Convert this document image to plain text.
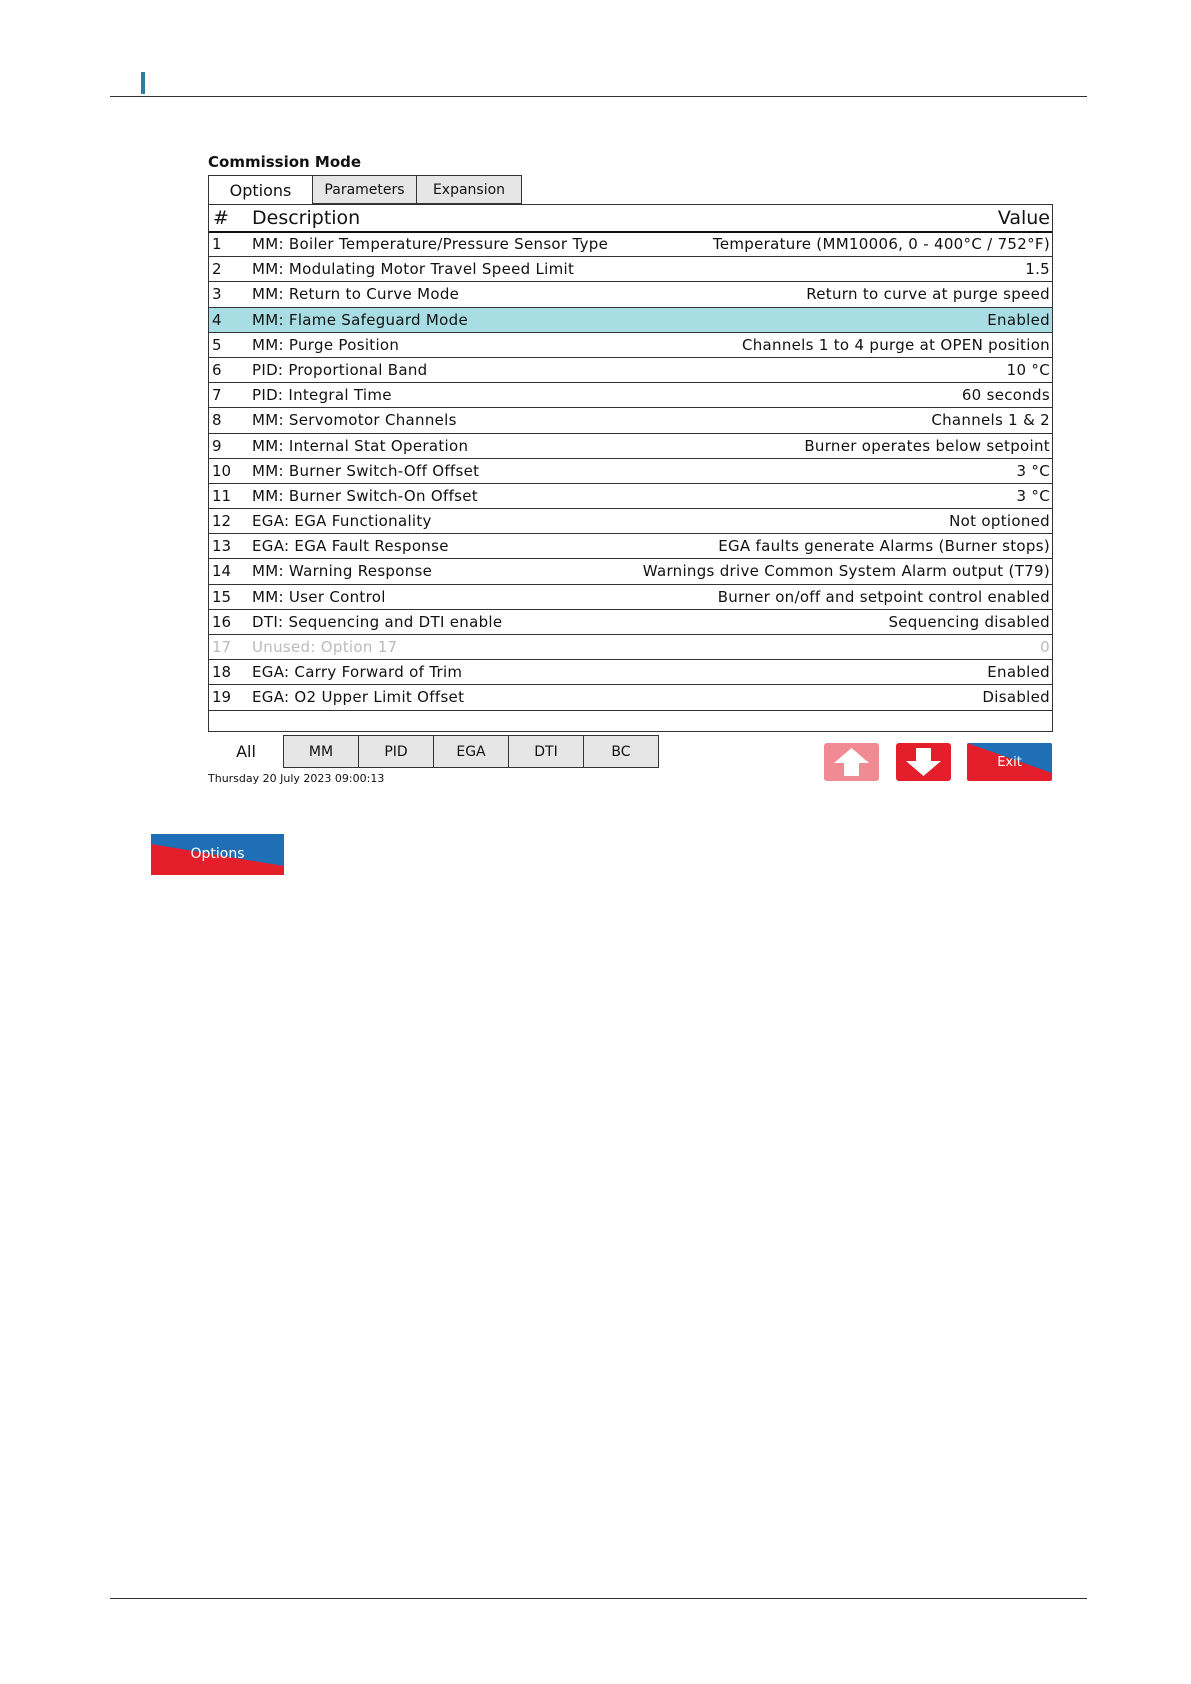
Commission Mode
Options	Parameters	Expansion
# Description	Value
1 MM: Boiler Temperature/Pressure Sensor Type	Temperature (MM10006, 0 - 400°C / 752°F)
2 MM: Modulating Motor Travel Speed Limit	1.5
3 MM: Return to Curve Mode	Return to curve at purge speed
4 MM: Flame Safeguard Mode	Enabled
5 MM: Purge Position	Channels 1 to 4 purge at OPEN position
6 PID: Proportional Band	10 °C
7 PID: Integral Time	60 seconds
8 MM: Servomotor Channels	Channels 1 & 2
9 MM: Internal Stat Operation	Burner operates below setpoint
10 MM: Burner Switch-Off Offset	3 °C
11 MM: Burner Switch-On Offset	3 °C
12 EGA: EGA Functionality	Not optioned
13 EGA: EGA Fault Response	EGA faults generate Alarms (Burner stops)
14 MM: Warning Response	Warnings drive Common System Alarm output (T79)
15 MM: User Control	Burner on/off and setpoint control enabled
16 DTI: Sequencing and DTI enable	Sequencing disabled
17 Unused: Option 17	0
18 EGA: Carry Forward of Trim	Enabled
19 EGA: O2 Upper Limit Offset	Disabled
All	MM	PID	EGA	DTI	BC
Thursday 20 July 2023 09:00:13
Exit
Options
